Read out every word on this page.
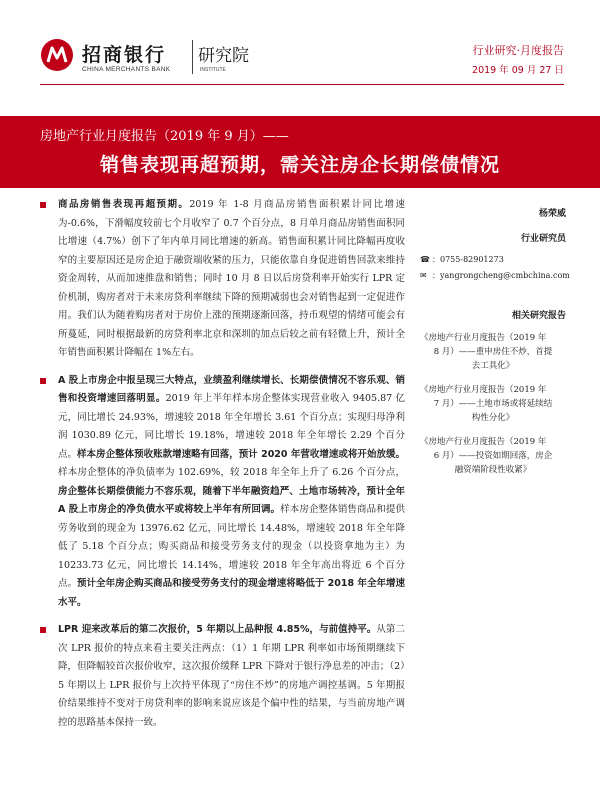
招商银行
CHINA MERCHANTS BANK
研究院
INSTITUTE
行业研究·月度报告
2019 年 09 月 27 日
房地产行业月度报告（2019 年 9 月）——
销售表现再超预期，需关注房企长期偿债情况
商品房销售表现再超预期。2019 年 1-8 月商品房销售面积累计同比增速为-0.6%，下滑幅度较前七个月收窄了 0.7 个百分点，8 月单月商品房销售面积同比增速（4.7%）创下了年内单月同比增速的新高。销售面积累计同比降幅再度收窄的主要原因还是房企迫于融资端收紧的压力，只能依靠自身促进销售回款来维持资金周转，从而加速推盘和销售；同时 10 月 8 日以后房贷利率开始实行 LPR 定价机制，购房者对于未来房贷利率继续下降的预期减弱也会对销售起到一定促进作用。我们认为随着购房者对于房价上涨的预期逐渐回落，持币观望的情绪可能会有所蔓延，同时根据最新的房贷利率北京和深圳的加点后较之前有轻微上升，预计全年销售面积累计降幅在 1%左右。
A 股上市房企中报呈现三大特点，业绩盈利继续增长、长期偿债情况不容乐观、销售和投资增速回落明显。2019 年上半年样本房企整体实现营业收入 9405.87 亿元，同比增长 24.93%，增速较 2018 年全年增长 3.61 个百分点；实现归母净利润 1030.89 亿元，同比增长 19.18%，增速较 2018 年全年增长 2.29 个百分点。样本房企整体预收账款增速略有回落，预计 2020 年营收增速或将开始放缓。样本房企整体的净负债率为 102.69%，较 2018 年全年上升了 6.26 个百分点，房企整体长期偿债能力不容乐观，随着下半年融资趋严、土地市场转冷，预计全年 A 股上市房企的净负债水平或将较上半年有所回调。样本房企整体销售商品和提供劳务收到的现金为 13976.62 亿元，同比增长 14.48%，增速较 2018 年全年降低了 5.18 个百分点；购买商品和接受劳务支付的现金（以投资拿地为主）为 10233.73 亿元，同比增长 14.14%，增速较 2018 年全年高出将近 6 个百分点。预计全年房企购买商品和接受劳务支付的现金增速将略低于 2018 年全年增速水平。
LPR 迎来改革后的第二次报价，5 年期以上品种报 4.85%，与前值持平。从第二次 LPR 报价的特点来看主要关注两点：（1）1 年期 LPR 利率如市场预期继续下降，但降幅较首次报价收窄，这次报价缓释 LPR 下降对于银行净息差的冲击；（2）5 年期以上 LPR 报价与上次持平体现了“房住不炒”的房地产调控基调。5 年期报价结果维持不变对于房贷利率的影响来说应该是个偏中性的结果，与当前房地产调控的思路基本保持一致。
杨荣威
行业研究员
☎ ：0755-82901273
✉ ：yangrongcheng@cmbchina.com
相关研究报告
《房地产行业月度报告（2019 年

8 月）——重申房住不炒，首提
去工具化》
《房地产行业月度报告（2019 年

7 月）——土地市场或将延续结
构性分化》
《房地产行业月度报告（2019 年

6 月）——投资如期回落，房企
融资端阶段性收紧》
